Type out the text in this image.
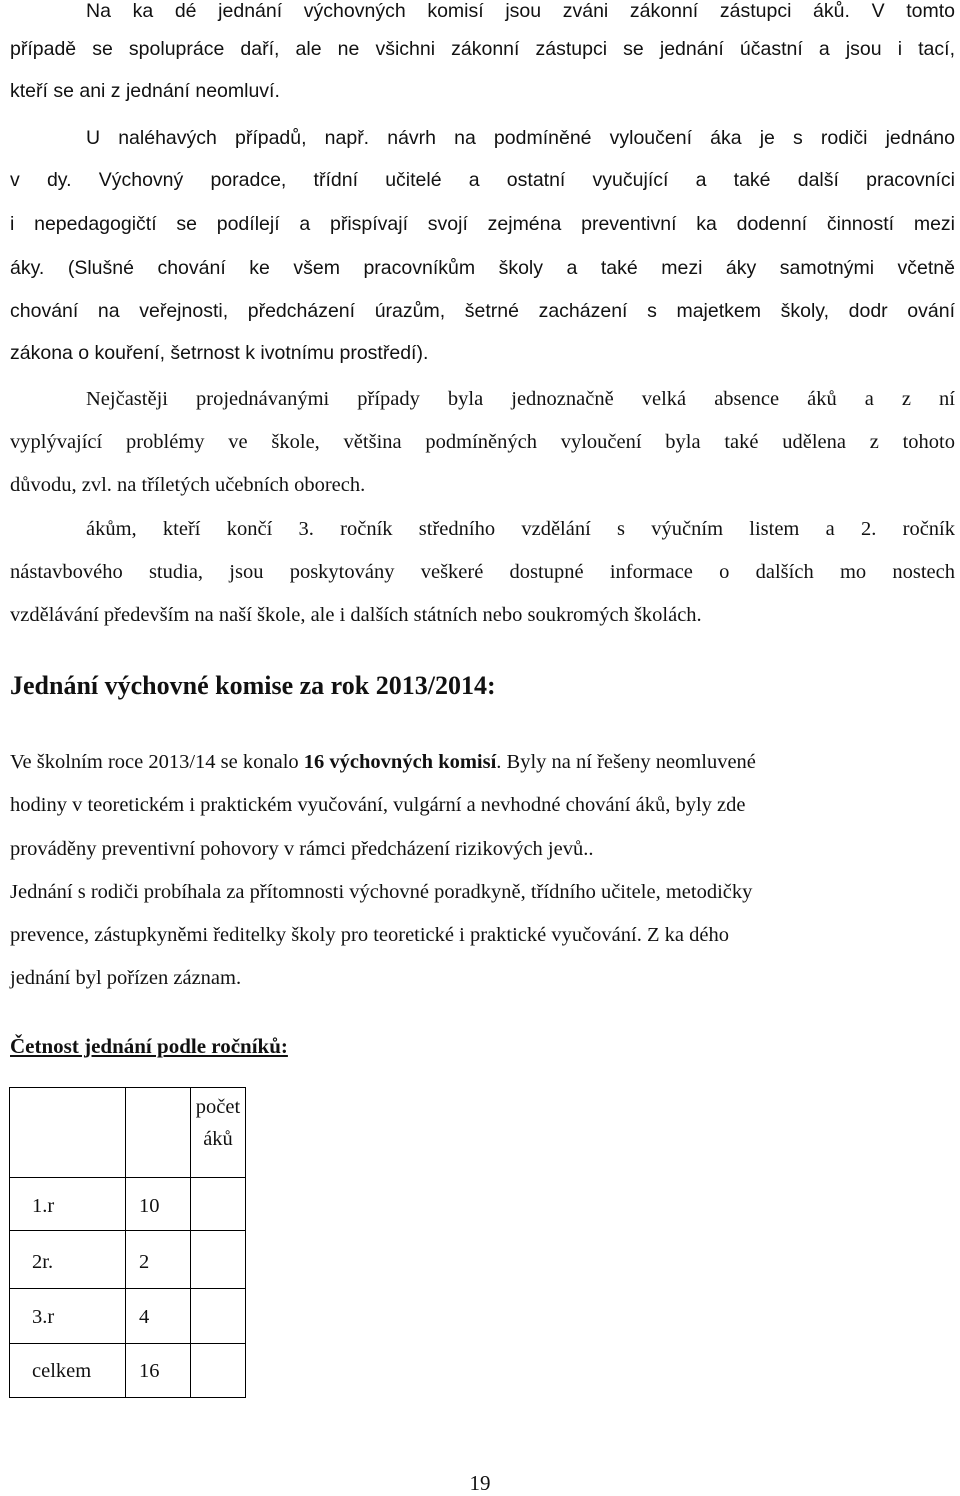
Na ka dé jednání výchovných komisí jsou zváni zákonní zástupci áků. V tomto
případě se spolupráce daří, ale ne všichni zákonní zástupci se jednání účastní a jsou i tací,
kteří se ani z jednání neomluví.
U naléhavých případů, např. návrh na podmíněné vyloučení áka je s rodiči jednáno
v dy. Výchovný poradce, třídní učitelé a ostatní vyučující a také další pracovníci
i nepedagogičtí se podílejí a přispívají svojí zejména preventivní ka dodenní činností mezi
áky. (Slušné chování ke všem pracovníkům školy a také mezi áky samotnými včetně
chování na veřejnosti, předcházení úrazům, šetrné zacházení s majetkem školy, dodr ování
zákona o kouření, šetrnost k ivotnímu prostředí).
Nejčastěji projednávanými případy byla jednoznačně velká absence áků a z ní
vyplývající problémy ve škole, většina podmíněných vyloučení byla také udělena z tohoto
důvodu, zvl. na tříletých učebních oborech.
ákům, kteří končí 3. ročník středního vzdělání s výučním listem a 2. ročník
nástavbového studia, jsou poskytovány veškeré dostupné informace o dalších mo nostech
vzdělávání především na naší škole, ale i dalších státních nebo soukromých školách.
Jednání výchovné komise za rok 2013/2014:
Ve školním roce 2013/14 se konalo 16 výchovných komisí. Byly na ní řešeny neomluvené
hodiny v teoretickém i praktickém vyučování, vulgární a nevhodné chování áků, byly zde
prováděny preventivní pohovory v rámci předcházení rizikových jevů..
Jednání s rodiči probíhala za přítomnosti výchovné poradkyně, třídního učitele, metodičky
prevence, zástupkyněmi ředitelky školy pro teoretické i praktické vyučování. Z ka dého
jednání byl pořízen záznam.
Četnost jednání podle ročníků:

		počet
áků

1.r	10	
2r.	2	
3.r	4	
celkem	16	
19
